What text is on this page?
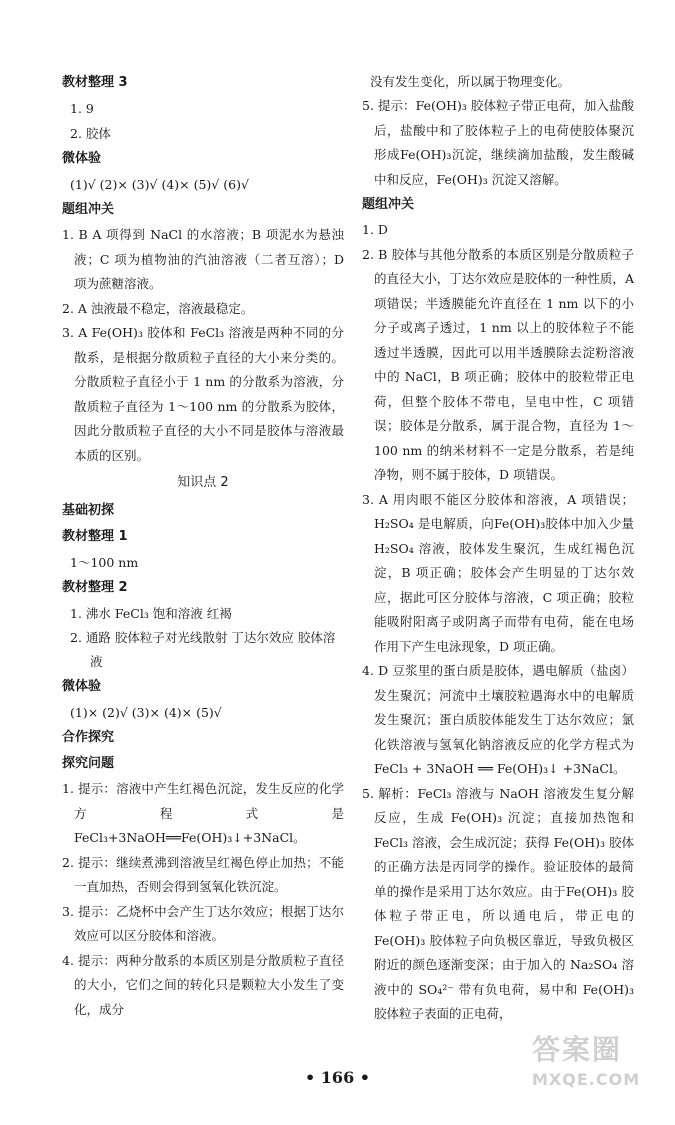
教材整理 3
1. 9
2. 胶体
微体验
(1)√ (2)× (3)√ (4)× (5)√ (6)√
题组冲关
1. B A 项得到 NaCl 的水溶液；B 项泥水为悬浊液；C 项为植物油的汽油溶液（二者互溶）；D 项为蔗糖溶液。
2. A 浊液最不稳定，溶液最稳定。
3. A Fe(OH)₃ 胶体和 FeCl₃ 溶液是两种不同的分散系，是根据分散质粒子直径的大小来分类的。分散质粒子直径小于 1 nm 的分散系为溶液，分散质粒子直径为 1～100 nm 的分散系为胶体，因此分散质粒子直径的大小不同是胶体与溶液最本质的区别。
知识点 2
基础初探
教材整理 1
1～100 nm
教材整理 2
1. 沸水 FeCl₃ 饱和溶液 红褐
2. 通路 胶体粒子对光线散射 丁达尔效应 胶体溶液
微体验
(1)× (2)√ (3)× (4)× (5)√
合作探究
探究问题
1. 提示：溶液中产生红褐色沉淀，发生反应的化学方程式是FeCl₃+3NaOH══Fe(OH)₃↓+3NaCl。
2. 提示：继续煮沸到溶液呈红褐色停止加热；不能一直加热，否则会得到氢氧化铁沉淀。
3. 提示：乙烧杯中会产生丁达尔效应；根据丁达尔效应可以区分胶体和溶液。
4. 提示：两种分散系的本质区别是分散质粒子直径的大小，它们之间的转化只是颗粒大小发生了变化，成分
没有发生变化，所以属于物理变化。
5. 提示：Fe(OH)₃ 胶体粒子带正电荷，加入盐酸后，盐酸中和了胶体粒子上的电荷使胶体聚沉形成Fe(OH)₃沉淀，继续滴加盐酸，发生酸碱中和反应，Fe(OH)₃ 沉淀又溶解。
题组冲关
1. D
2. B 胶体与其他分散系的本质区别是分散质粒子的直径大小，丁达尔效应是胶体的一种性质，A 项错误；半透膜能允许直径在 1 nm 以下的小分子或离子透过，1 nm 以上的胶体粒子不能透过半透膜，因此可以用半透膜除去淀粉溶液中的 NaCl，B 项正确；胶体中的胶粒带正电荷，但整个胶体不带电，呈电中性，C 项错误；胶体是分散系，属于混合物，直径为 1～100 nm 的纳米材料不一定是分散系，若是纯净物，则不属于胶体，D 项错误。
3. A 用肉眼不能区分胶体和溶液，A 项错误；H₂SO₄ 是电解质，向Fe(OH)₃胶体中加入少量 H₂SO₄ 溶液，胶体发生聚沉，生成红褐色沉淀，B 项正确；胶体会产生明显的丁达尔效应，据此可区分胶体与溶液，C 项正确；胶粒能吸附阳离子或阴离子而带有电荷，能在电场作用下产生电泳现象，D 项正确。
4. D 豆浆里的蛋白质是胶体，遇电解质（盐卤）发生聚沉；河流中土壤胶粒遇海水中的电解质发生聚沉；蛋白质胶体能发生丁达尔效应；氯化铁溶液与氢氧化钠溶液反应的化学方程式为 FeCl₃ + 3NaOH ══ Fe(OH)₃↓ +3NaCl。
5. 解析：FeCl₃ 溶液与 NaOH 溶液发生复分解反应，生成 Fe(OH)₃ 沉淀；直接加热饱和 FeCl₃ 溶液，会生成沉淀；获得 Fe(OH)₃ 胶体的正确方法是丙同学的操作。验证胶体的最简单的操作是采用丁达尔效应。由于Fe(OH)₃ 胶体粒子带正电，所以通电后，带正电的Fe(OH)₃ 胶体粒子向负极区靠近，导致负极区附近的颜色逐渐变深；由于加入的 Na₂SO₄ 溶液中的 SO₄²⁻ 带有负电荷，易中和 Fe(OH)₃ 胶体粒子表面的正电荷，
• 166 •
答案圈
MXQE.COM
